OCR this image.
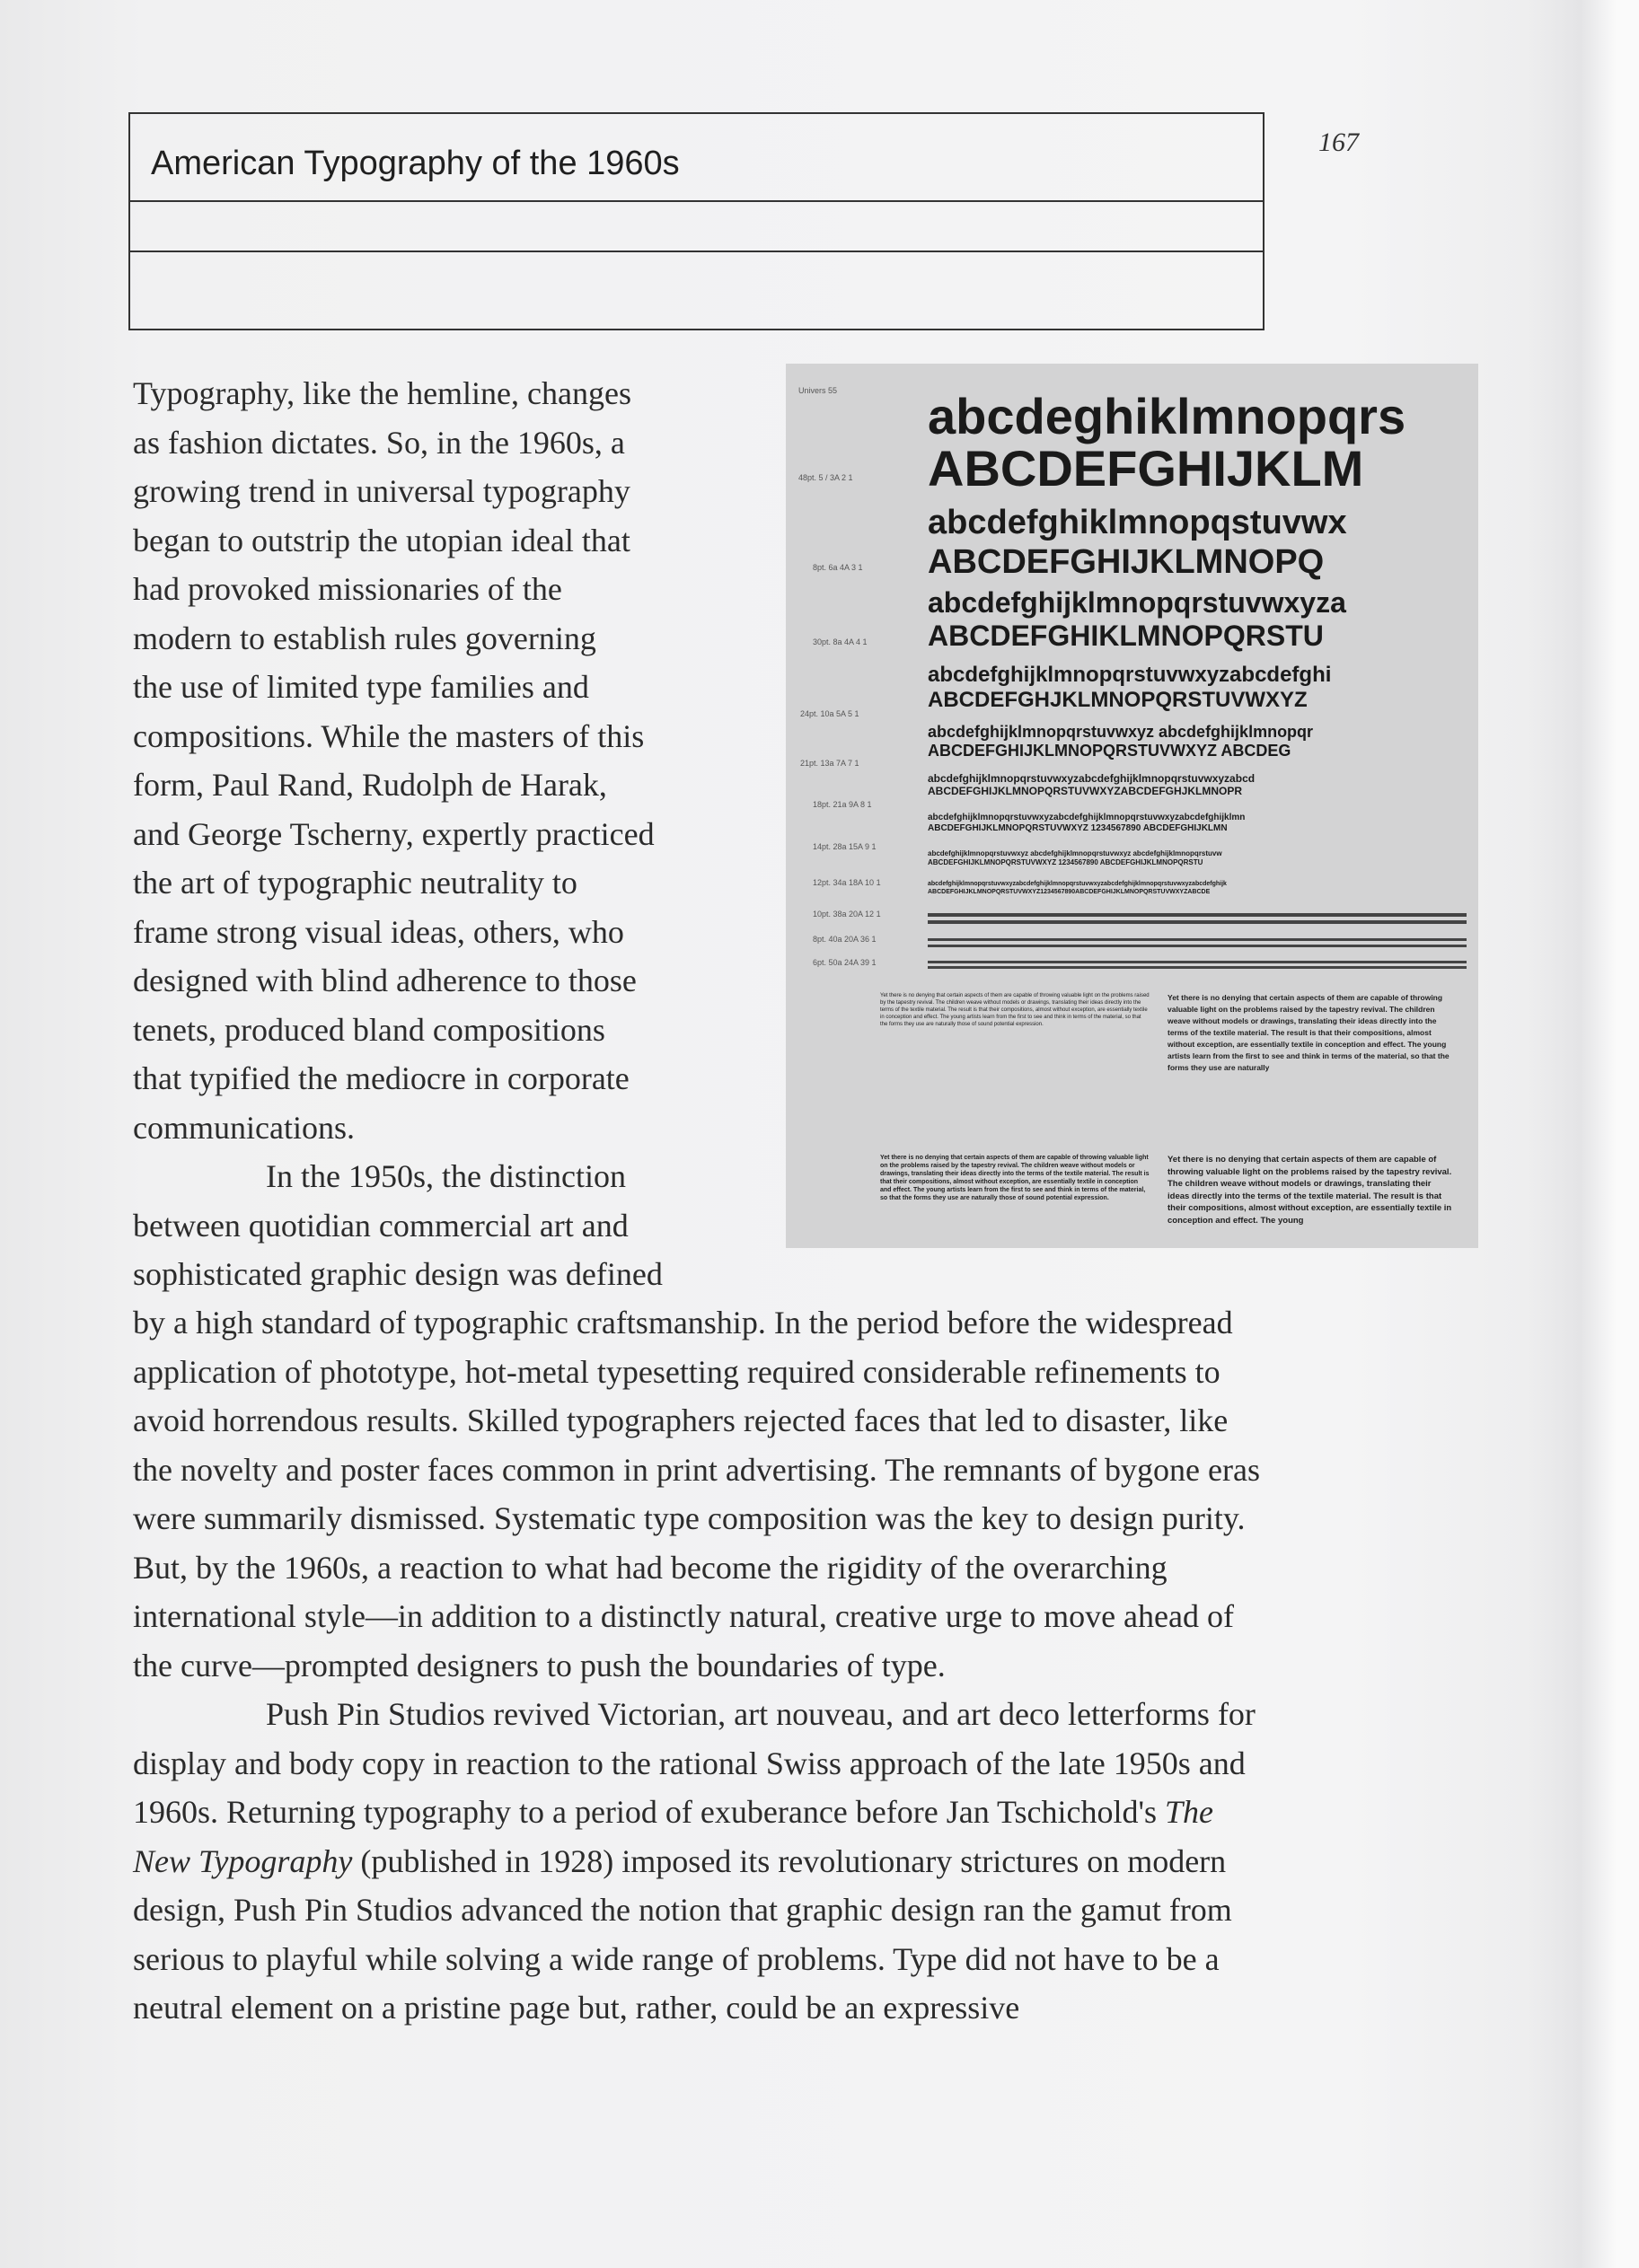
167
American Typography of the 1960s

Typography, like the hemline, changes
as fashion dictates. So, in the 1960s, a
growing trend in universal typography
began to outstrip the utopian ideal that
had provoked missionaries of the
modern to establish rules governing
the use of limited type families and
compositions. While the masters of this
form, Paul Rand, Rudolph de Harak,
and George Tscherny, expertly practiced
the art of typographic neutrality to
frame strong visual ideas, others, who
designed with blind adherence to those
tenets, produced bland compositions
that typified the mediocre in corporate
communications.

In the 1950s, the distinction

between quotidian commercial art and
sophisticated graphic design was defined

Univers 55
48pt. 5 / 3A 2 1
8pt. 6a 4A 3 1
30pt. 8a 4A 4 1
24pt. 10a 5A 5 1
21pt. 13a 7A 7 1
18pt. 21a 9A 8 1
14pt. 28a 15A 9 1
12pt. 34a 18A 10 1
10pt. 38a 20A 12 1
8pt. 40a 20A 36 1
6pt. 50a 24A 39 1
abcdeghiklmnopqrs
ABCDEFGHIJKLM
abcdefghiklmnopqstuvwx
ABCDEFGHIJKLMNOPQ
abcdefghijklmnopqrstuvwxyza
ABCDEFGHIKLMNOPQRSTU
abcdefghijklmnopqrstuvwxyzabcdefghi
ABCDEFGHJKLMNOPQRSTUVWXYZ
abcdefghijklmnopqrstuvwxyz abcdefghijklmnopqr
ABCDEFGHIJKLMNOPQRSTUVWXYZ ABCDEG
abcdefghijklmnopqrstuvwxyzabcdefghijklmnopqrstuvwxyzabcd
ABCDEFGHIJKLMNOPQRSTUVWXYZABCDEFGHJKLMNOPR
abcdefghijklmnopqrstuvwxyzabcdefghijklmnopqrstuvwxyzabcdefghijklmn
ABCDEFGHIJKLMNOPQRSTUVWXYZ 1234567890 ABCDEFGHIJKLMN
abcdefghijklmnopqrstuvwxyz abcdefghijklmnopqrstuvwxyz abcdefghijklmnopqrstuvw
ABCDEFGHIJKLMNOPQRSTUVWXYZ 1234567890 ABCDEFGHIJKLMNOPQRSTU
abcdefghijklmnopqrstuvwxyzabcdefghijklmnopqrstuvwxyzabcdefghijklmnopqrstuvwxyzabcdefghijk
ABCDEFGHIJKLMNOPQRSTUVWXYZ1234567890ABCDEFGHIJKLMNOPQRSTUVWXYZABCDE
Yet there is no denying that certain aspects of them are capable of throwing valuable light on the problems raised by the tapestry revival. The children weave without models or drawings, translating their ideas directly into the terms of the textile material. The result is that their compositions, almost without exception, are essentially textile in conception and effect. The young artists learn from the first to see and think in terms of the material, so that the forms they use are naturally those of sound potential expression.
Yet there is no denying that certain aspects of them are capable of throwing valuable light on the problems raised by the tapestry revival. The children weave without models or drawings, translating their ideas directly into the terms of the textile material. The result is that their compositions, almost without exception, are essentially textile in conception and effect. The young artists learn from the first to see and think in terms of the material, so that the forms they use are naturally
Yet there is no denying that certain aspects of them are capable of throwing valuable light on the problems raised by the tapestry revival. The children weave without models or drawings, translating their ideas directly into the terms of the textile material. The result is that their compositions, almost without exception, are essentially textile in conception and effect. The young artists learn from the first to see and think in terms of the material, so that the forms they use are naturally those of sound potential expression.
Yet there is no denying that certain aspects of them are capable of throwing valuable light on the problems raised by the tapestry revival. The children weave without models or drawings, translating their ideas directly into the terms of the textile material. The result is that their compositions, almost without exception, are essentially textile in conception and effect. The young

by a high standard of typographic craftsmanship. In the period before the widespread application of phototype, hot-metal typesetting required considerable refinements to avoid horrendous results. Skilled typographers rejected faces that led to disaster, like the novelty and poster faces common in print advertising. The remnants of bygone eras were summarily dismissed. Systematic type composition was the key to design purity. But, by the 1960s, a reaction to what had become the rigidity of the overarching international style—in addition to a distinctly natural, creative urge to move ahead of the curve—prompted designers to push the boundaries of type.

Push Pin Studios revived Victorian, art nouveau, and art deco letterforms for display and body copy in reaction to the rational Swiss approach of the late 1950s and 1960s. Returning typography to a period of exuberance before Jan Tschichold's The New Typography (published in 1928) imposed its revolutionary strictures on modern design, Push Pin Studios advanced the notion that graphic design ran the gamut from serious to playful while solving a wide range of problems. Type did not have to be a neutral element on a pristine page but, rather, could be an expressive
